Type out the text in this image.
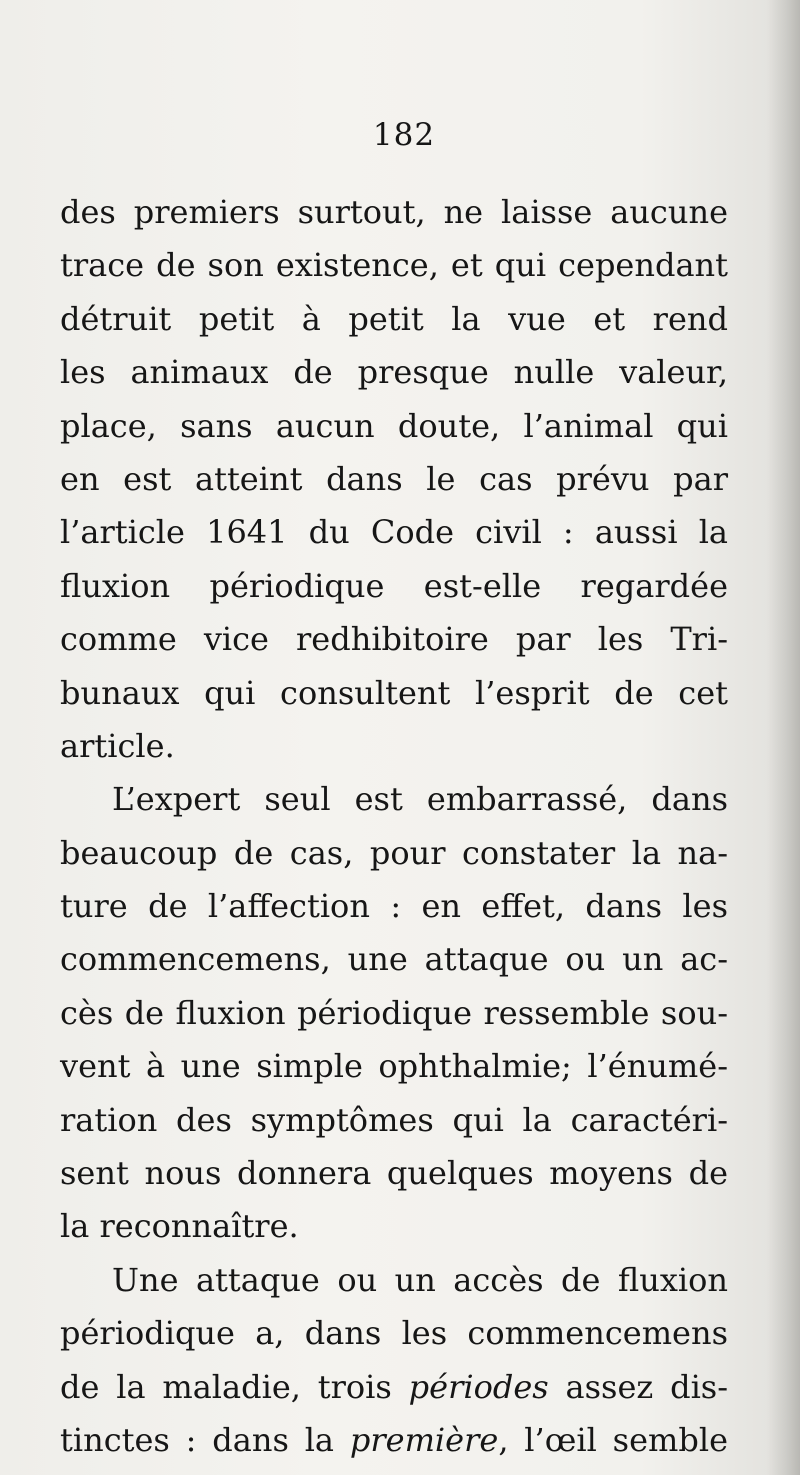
182
des premiers surtout, ne laisse aucune
trace de son existence, et qui cependant
détruit petit à petit la vue et rend
les animaux de presque nulle valeur,
place, sans aucun doute, l’animal qui
en est atteint dans le cas prévu par
l’article 1641 du Code civil : aussi la
fluxion périodique est-elle regardée
comme vice redhibitoire par les Tri-
bunaux qui consultent l’esprit de cet
article.
L’expert seul est embarrassé, dans
beaucoup de cas, pour constater la na-
ture de l’affection : en effet, dans les
commencemens, une attaque ou un ac-
cès de fluxion périodique ressemble sou-
vent à une simple ophthalmie; l’énumé-
ration des symptômes qui la caractéri-
sent nous donnera quelques moyens de
la reconnaître.
Une attaque ou un accès de fluxion
périodique a, dans les commencemens
de la maladie, trois périodes assez dis-
tinctes : dans la première, l’œil semble
